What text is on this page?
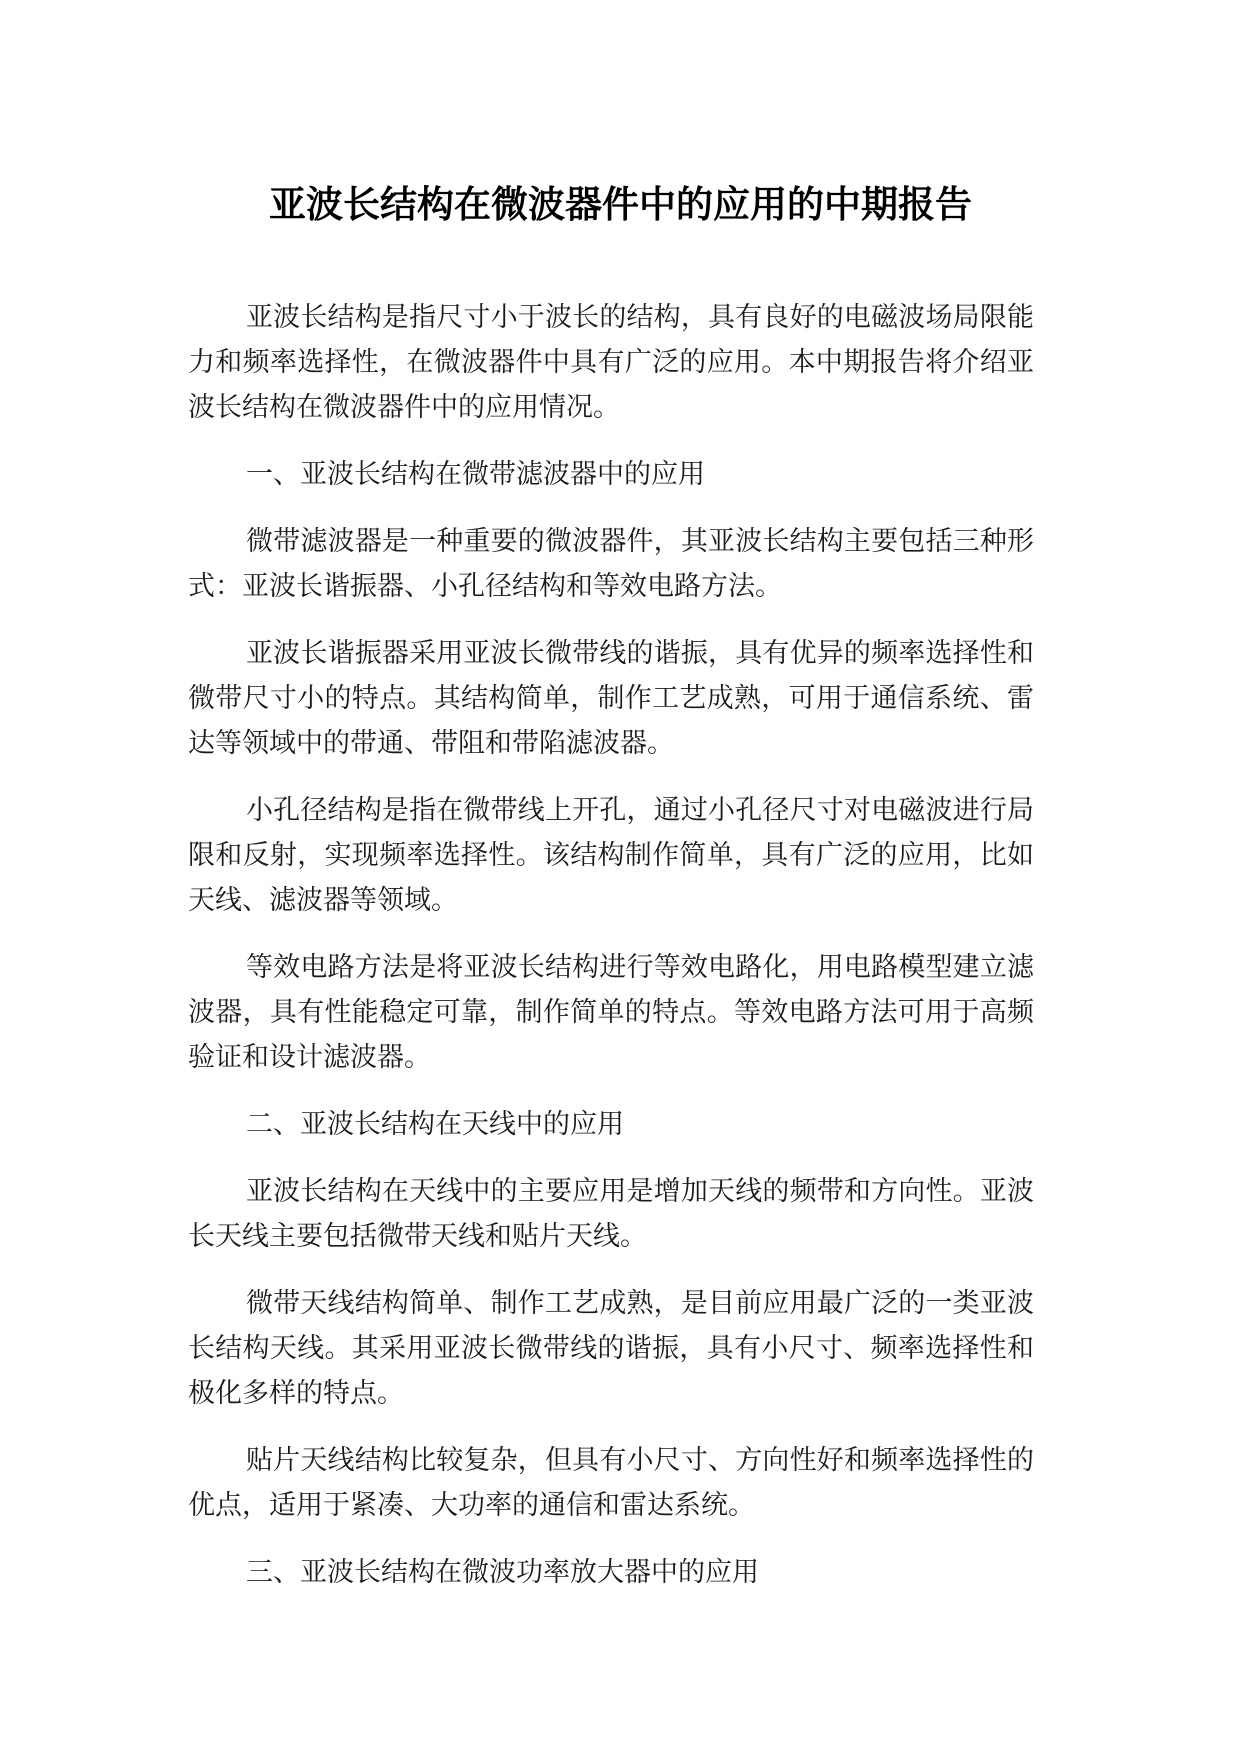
亚波长结构在微波器件中的应用的中期报告
亚波长结构是指尺寸小于波长的结构，具有良好的电磁波场局限能
力和频率选择性，在微波器件中具有广泛的应用。本中期报告将介绍亚
波长结构在微波器件中的应用情况。
一、亚波长结构在微带滤波器中的应用
微带滤波器是一种重要的微波器件，其亚波长结构主要包括三种形
式：亚波长谐振器、小孔径结构和等效电路方法。
亚波长谐振器采用亚波长微带线的谐振，具有优异的频率选择性和
微带尺寸小的特点。其结构简单，制作工艺成熟，可用于通信系统、雷
达等领域中的带通、带阻和带陷滤波器。
小孔径结构是指在微带线上开孔，通过小孔径尺寸对电磁波进行局
限和反射，实现频率选择性。该结构制作简单，具有广泛的应用，比如
天线、滤波器等领域。
等效电路方法是将亚波长结构进行等效电路化，用电路模型建立滤
波器，具有性能稳定可靠，制作简单的特点。等效电路方法可用于高频
验证和设计滤波器。
二、亚波长结构在天线中的应用
亚波长结构在天线中的主要应用是增加天线的频带和方向性。亚波
长天线主要包括微带天线和贴片天线。
微带天线结构简单、制作工艺成熟，是目前应用最广泛的一类亚波
长结构天线。其采用亚波长微带线的谐振，具有小尺寸、频率选择性和
极化多样的特点。
贴片天线结构比较复杂，但具有小尺寸、方向性好和频率选择性的
优点，适用于紧凑、大功率的通信和雷达系统。
三、亚波长结构在微波功率放大器中的应用
